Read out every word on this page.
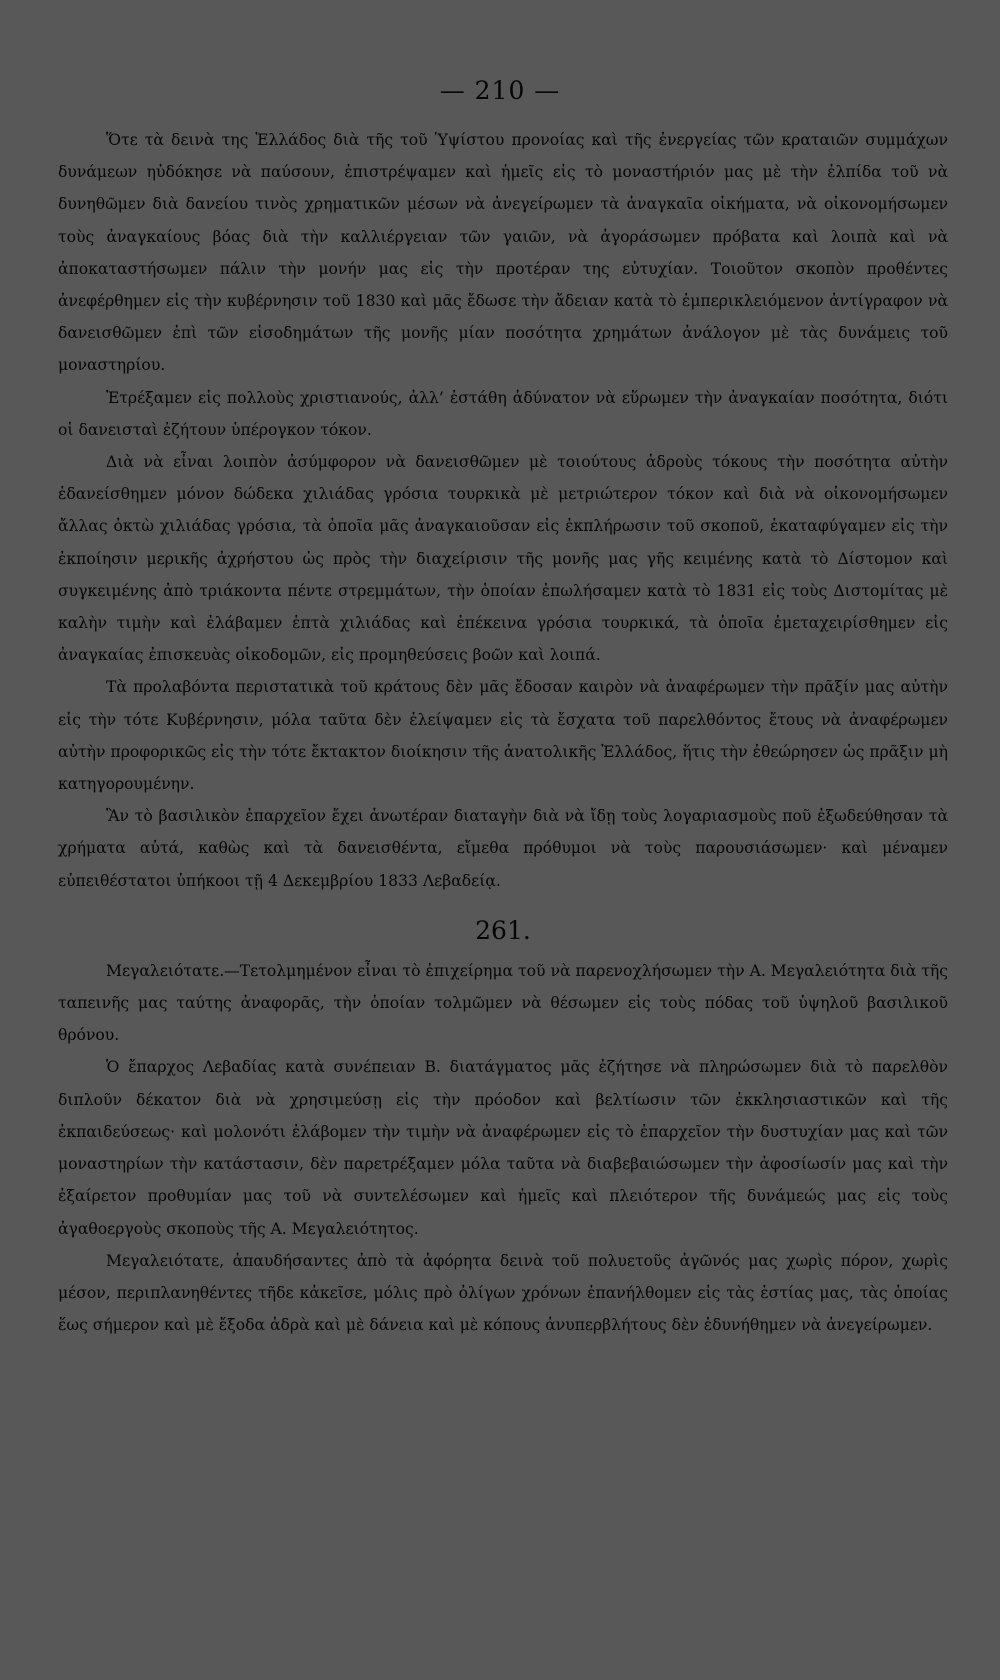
— 210 —

Ὅτε τὰ δεινὰ της Ἑλλάδος διὰ τῆς τοῦ Ὑψίστου προνοίας καὶ τῆς ἐνεργείας τῶν κραταιῶν συμμάχων δυνάμεων ηὐδόκησε νὰ παύσουν, ἐπιστρέψαμεν καὶ ἡμεῖς εἰς τὸ μοναστήριόν μας μὲ τὴν ἐλπίδα τοῦ νὰ δυνηθῶμεν διὰ δανείου τινὸς χρηματικῶν μέσων νὰ ἀνεγείρωμεν τὰ ἀναγκαῖα οἰκήματα, νὰ οἰκονομήσωμεν τοὺς ἀναγκαίους βόας διὰ τὴν καλλιέργειαν τῶν γαιῶν, νὰ ἀγοράσωμεν πρόβατα καὶ λοιπὰ καὶ νὰ ἀποκαταστήσωμεν πάλιν τὴν μονήν μας εἰς τὴν προτέραν της εὐτυχίαν. Τοιοῦτον σκοπὸν προθέντες ἀνεφέρθημεν εἰς τὴν κυβέρνησιν τοῦ 1830 καὶ μᾶς ἔδωσε τὴν ἄδειαν κατὰ τὸ ἐμπερικλειόμενον ἀντίγραφον νὰ δανεισθῶμεν ἐπὶ τῶν εἰσοδημάτων τῆς μονῆς μίαν ποσότητα χρημάτων ἀνάλογον μὲ τὰς δυνάμεις τοῦ μοναστηρίου.

Ἐτρέξαμεν εἰς πολλοὺς χριστιανούς, ἀλλ’ ἐστάθη ἀδύνατον νὰ εὕρωμεν τὴν ἀναγκαίαν ποσότητα, διότι οἱ δανεισταὶ ἐζήτουν ὑπέρογκον τόκον.

Διὰ νὰ εἶναι λοιπὸν ἀσύμφορον νὰ δανεισθῶμεν μὲ τοιούτους ἁδροὺς τόκους τὴν ποσότητα αὐτὴν ἐδανείσθημεν μόνον δώδεκα χιλιάδας γρόσια τουρκικὰ μὲ μετριώτερον τόκον καὶ διὰ νὰ οἰκονομήσωμεν ἄλλας ὀκτὼ χιλιάδας γρόσια, τὰ ὁποῖα μᾶς ἀναγκαιοῦσαν εἰς ἐκπλήρωσιν τοῦ σκοποῦ, ἐκαταφύγαμεν εἰς τὴν ἐκποίησιν μερικῆς ἀχρήστου ὡς πρὸς τὴν διαχείρισιν τῆς μονῆς μας γῆς κειμένης κατὰ τὸ Δίστομον καὶ συγκειμένης ἀπὸ τριάκοντα πέντε στρεμμάτων, τὴν ὁποίαν ἐπωλήσαμεν κατὰ τὸ 1831 εἰς τοὺς Διστομίτας μὲ καλὴν τιμὴν καὶ ἐλάβαμεν ἑπτὰ χιλιάδας καὶ ἐπέκεινα γρόσια τουρκικά, τὰ ὁποῖα ἐμεταχειρίσθημεν εἰς ἀναγκαίας ἐπισκευὰς οἰκοδομῶν, εἰς προμηθεύσεις βοῶν καὶ λοιπά.

Τὰ προλαβόντα περιστατικὰ τοῦ κράτους δὲν μᾶς ἔδοσαν καιρὸν νὰ ἀναφέρωμεν τὴν πρᾶξίν μας αὐτὴν εἰς τὴν τότε Κυβέρνησιν, μόλα ταῦτα δὲν ἐλείψαμεν εἰς τὰ ἔσχατα τοῦ παρελθόντος ἔτους νὰ ἀναφέρωμεν αὐτὴν προφορικῶς εἰς τὴν τότε ἔκτακτον διοίκησιν τῆς ἀνατολικῆς Ἑλλάδος, ἥτις τὴν ἐθεώρησεν ὡς πρᾶξιν μὴ κατηγορουμένην.

Ἂν τὸ βασιλικὸν ἐπαρχεῖον ἔχει ἀνωτέραν διαταγὴν διὰ νὰ ἴδῃ τοὺς λογαριασμοὺς ποῦ ἐξωδεύθησαν τὰ χρήματα αὐτά, καθὼς καὶ τὰ δανεισθέντα, εἴμεθα πρόθυμοι νὰ τοὺς παρουσιάσωμεν· καὶ μέναμεν εὐπειθέστατοι ὑπήκοοι τῇ 4 Δεκεμβρίου 1833 Λεβαδείᾳ.

261.

Μεγαλειότατε.—Τετολμημένον εἶναι τὸ ἐπιχείρημα τοῦ νὰ παρενοχλήσωμεν τὴν Α. Μεγαλειότητα διὰ τῆς ταπεινῆς μας ταύτης ἀναφορᾶς, τὴν ὁποίαν τολμῶμεν νὰ θέσωμεν εἰς τοὺς πόδας τοῦ ὑψηλοῦ βασιλικοῦ θρόνου.

Ὁ ἔπαρχος Λεβαδίας κατὰ συνέπειαν Β. διατάγματος μᾶς ἐζήτησε νὰ πληρώσωμεν διὰ τὸ παρελθὸν διπλοῦν δέκατον διὰ νὰ χρησιμεύσῃ εἰς τὴν πρόοδον καὶ βελτίωσιν τῶν ἐκκλησιαστικῶν καὶ τῆς ἐκπαιδεύσεως· καὶ μολονότι ἐλάβομεν τὴν τιμὴν νὰ ἀναφέρωμεν εἰς τὸ ἐπαρχεῖον τὴν δυστυχίαν μας καὶ τῶν μοναστηρίων τὴν κατάστασιν, δὲν παρετρέξαμεν μόλα ταῦτα νὰ διαβεβαιώσωμεν τὴν ἀφοσίωσίν μας καὶ τὴν ἐξαίρετον προθυμίαν μας τοῦ νὰ συντελέσωμεν καὶ ἡμεῖς καὶ πλειότερον τῆς δυνάμεώς μας εἰς τοὺς ἀγαθοεργοὺς σκοποὺς τῆς Α. Μεγαλειότητος.

Μεγαλειότατε, ἀπαυδήσαντες ἀπὸ τὰ ἀφόρητα δεινὰ τοῦ πολυετοῦς ἀγῶνός μας χωρὶς πόρον, χωρὶς μέσον, περιπλανηθέντες τῆδε κἀκεῖσε, μόλις πρὸ ὀλίγων χρόνων ἐπανήλθομεν εἰς τὰς ἑστίας μας, τὰς ὁποίας ἕως σήμερον καὶ μὲ ἔξοδα ἁδρὰ καὶ μὲ δάνεια καὶ μὲ κόπους ἀνυπερβλήτους δὲν ἐδυνήθημεν νὰ ἀνεγείρωμεν.
